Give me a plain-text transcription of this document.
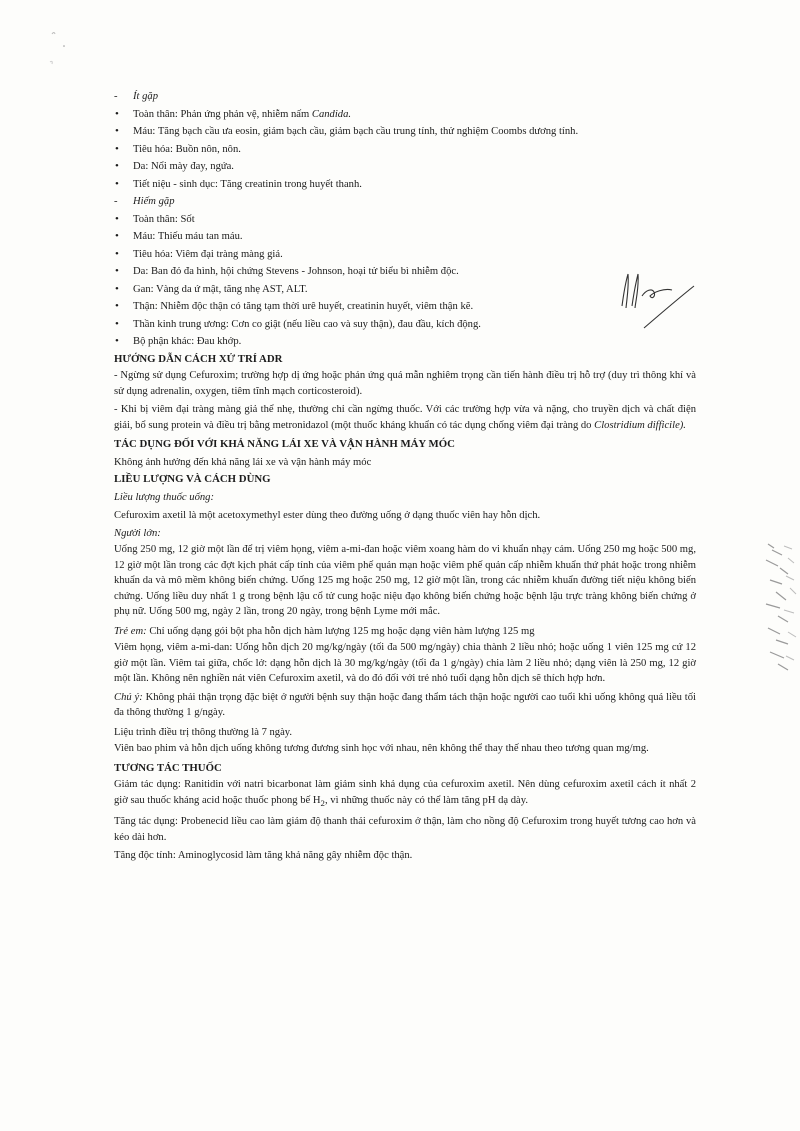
- Ít gặp
• Toàn thân: Phản ứng phản vệ, nhiễm nấm Candida.
• Máu: Tăng bạch cầu ưa eosin, giảm bạch cầu, giảm bạch cầu trung tính, thử nghiệm Coombs dương tính.
• Tiêu hóa: Buồn nôn, nôn.
• Da: Nổi mày đay, ngứa.
• Tiết niệu - sinh dục: Tăng creatinin trong huyết thanh.
- Hiếm gặp
• Toàn thân: Sốt
• Máu: Thiếu máu tan máu.
• Tiêu hóa: Viêm đại tràng màng giả.
• Da: Ban đỏ đa hình, hội chứng Stevens - Johnson, hoại tử biểu bì nhiễm độc.
• Gan: Vàng da ứ mật, tăng nhẹ AST, ALT.
• Thận: Nhiễm độc thận có tăng tạm thời urê huyết, creatinin huyết, viêm thận kẽ.
• Thần kinh trung ương: Cơn co giật (nếu liều cao và suy thận), đau đầu, kích động.
• Bộ phận khác: Đau khớp.
HƯỚNG DẪN CÁCH XỬ TRÍ ADR
- Ngừng sử dụng Cefuroxim; trường hợp dị ứng hoặc phản ứng quá mẫn nghiêm trọng cần tiến hành điều trị hỗ trợ (duy trì thông khí và sử dụng adrenalin, oxygen, tiêm tĩnh mạch corticosteroid).
- Khi bị viêm đại tràng màng giả thể nhẹ, thường chỉ cần ngừng thuốc. Với các trường hợp vừa và nặng, cho truyền dịch và chất điện giải, bổ sung protein và điều trị bằng metronidazol (một thuốc kháng khuẩn có tác dụng chống viêm đại tràng do Clostridium difficile).
TÁC DỤNG ĐỐI VỚI KHẢ NĂNG LÁI XE VÀ VẬN HÀNH MÁY MÓC
Không ảnh hưởng đến khả năng lái xe và vận hành máy móc
LIỀU LƯỢNG VÀ CÁCH DÙNG
Liều lượng thuốc uống:
Cefuroxim axetil là một acetoxymethyl ester dùng theo đường uống ở dạng thuốc viên hay hỗn dịch.
Người lớn:
Uống 250 mg, 12 giờ một lần để trị viêm họng, viêm a-mi-đan hoặc viêm xoang hàm do vi khuẩn nhạy cảm. Uống 250 mg hoặc 500 mg, 12 giờ một lần trong các đợt kịch phát cấp tính của viêm phế quản mạn hoặc viêm phế quản cấp nhiễm khuẩn thứ phát hoặc trong nhiễm khuẩn da và mô mềm không biến chứng. Uống 125 mg hoặc 250 mg, 12 giờ một lần, trong các nhiễm khuẩn đường tiết niệu không biến chứng. Uống liều duy nhất 1 g trong bệnh lậu cổ tử cung hoặc niệu đạo không biến chứng hoặc bệnh lậu trực tràng không biến chứng ở phụ nữ. Uống 500 mg, ngày 2 lần, trong 20 ngày, trong bệnh Lyme mới mắc.
Trẻ em: Chỉ uống dạng gói bột pha hỗn dịch hàm lượng 125 mg hoặc dạng viên hàm lượng 125 mg
Viêm họng, viêm a-mi-dan: Uống hỗn dịch 20 mg/kg/ngày (tối đa 500 mg/ngày) chia thành 2 liều nhỏ; hoặc uống 1 viên 125 mg cứ 12 giờ một lần. Viêm tai giữa, chốc lở: dạng hỗn dịch là 30 mg/kg/ngày (tối đa 1 g/ngày) chia làm 2 liều nhỏ; dạng viên là 250 mg, 12 giờ một lần. Không nên nghiền nát viên Cefuroxim axetil, và do đó đối với trẻ nhỏ tuổi dạng hỗn dịch sẽ thích hợp hơn.
Chú ý: Không phải thận trọng đặc biệt ở người bệnh suy thận hoặc đang thẩm tách thận hoặc người cao tuổi khi uống không quá liều tối đa thông thường 1 g/ngày.
Liệu trình điều trị thông thường là 7 ngày.
Viên bao phim và hỗn dịch uống không tương đương sinh học với nhau, nên không thể thay thế nhau theo tương quan mg/mg.
TƯƠNG TÁC THUỐC
Giảm tác dụng: Ranitidin với natri bicarbonat làm giảm sinh khả dụng của cefuroxim axetil. Nên dùng cefuroxim axetil cách ít nhất 2 giờ sau thuốc kháng acid hoặc thuốc phong bế $H_2$, vì những thuốc này có thể làm tăng pH dạ dày.
Tăng tác dụng: Probenecid liều cao làm giảm độ thanh thải cefuroxim ở thận, làm cho nồng độ Cefuroxim trong huyết tương cao hơn và kéo dài hơn.
Tăng độc tính: Aminoglycosid làm tăng khả năng gây nhiễm độc thận.
